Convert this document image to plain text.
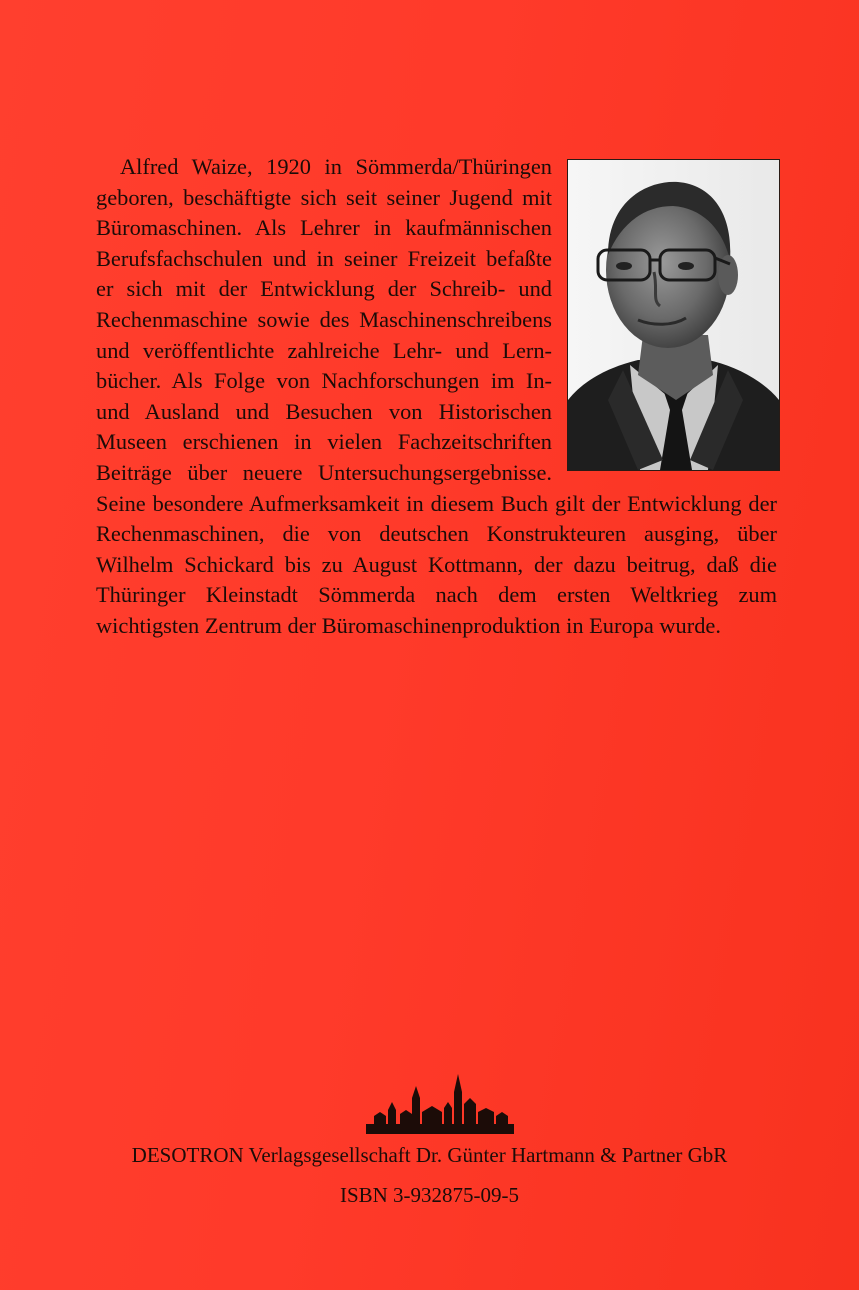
Alfred Waize, 1920 in Sömmerda/Thüringen geboren, beschäftigte sich seit seiner Jugend mit Büromaschinen. Als Lehrer in kaufmännischen Berufsfachschulen und in seiner Freizeit befaßte er sich mit der Entwicklung der Schreib- und Rechenmaschine sowie des Maschinenschreibens und veröffentlichte zahlreiche Lehr- und Lernbücher. Als Folge von Nachforschungen im In- und Ausland und Besuchen von Historischen Museen erschienen in vielen Fachzeitschriften Beiträge über neuere Untersuchungsergebnisse. Seine besondere Aufmerksamkeit in diesem Buch gilt der Entwicklung der Rechenmaschinen, die von deutschen Konstrukteuren ausging, über Wilhelm Schickard bis zu August Kottmann, der dazu beitrug, daß die Thüringer Kleinstadt Sömmerda nach dem ersten Weltkrieg zum wichtigsten Zentrum der Büromaschinenproduktion in Europa wurde.

DESOTRON Verlagsgesellschaft Dr. Günter Hartmann & Partner GbR
ISBN 3-932875-09-5
